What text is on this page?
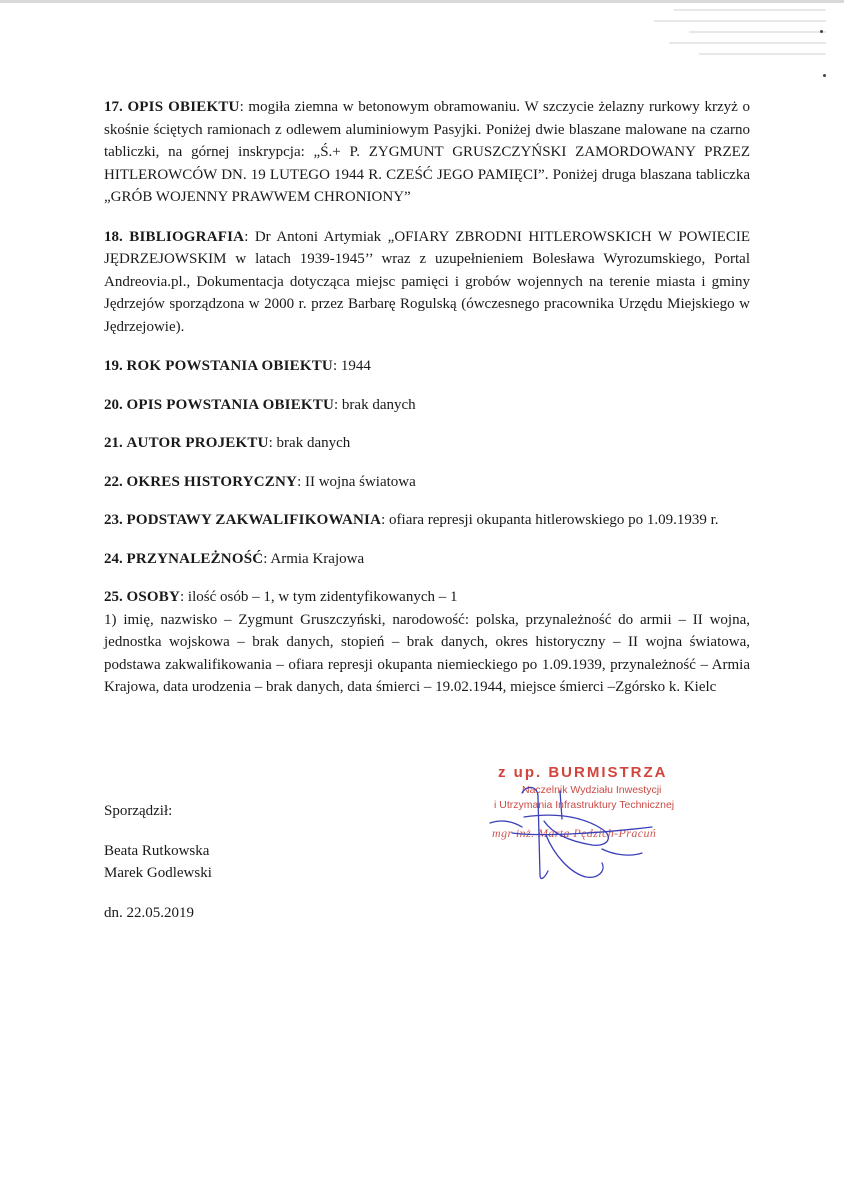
17. OPIS OBIEKTU: mogiła ziemna w betonowym obramowaniu. W szczycie żelazny rurkowy krzyż o skośnie ściętych ramionach z odlewem aluminiowym Pasyjki. Poniżej dwie blaszane malowane na czarno tabliczki, na górnej inskrypcja: „Ś.+ P. ZYGMUNT GRUSZCZYŃSKI ZAMORDOWANY PRZEZ HITLEROWCÓW DN. 19 LUTEGO 1944 R. CZEŚĆ JEGO PAMIĘCI”. Poniżej druga blaszana tabliczka „GRÓB WOJENNY PRAWWEM CHRONIONY”

18. BIBLIOGRAFIA: Dr Antoni Artymiak „OFIARY ZBRODNI HITLEROWSKICH W POWIECIE JĘDRZEJOWSKIM w latach 1939-1945’’ wraz z uzupełnieniem Bolesława Wyrozumskiego, Portal Andreovia.pl., Dokumentacja dotycząca miejsc pamięci i grobów wojennych na terenie miasta i gminy Jędrzejów sporządzona w 2000 r. przez Barbarę Rogulską (ówczesnego pracownika Urzędu Miejskiego w Jędrzejowie).

19. ROK POWSTANIA OBIEKTU: 1944

20. OPIS POWSTANIA OBIEKTU: brak danych

21. AUTOR PROJEKTU: brak danych

22. OKRES HISTORYCZNY: II wojna światowa

23. PODSTAWY ZAKWALIFIKOWANIA: ofiara represji okupanta hitlerowskiego po 1.09.1939 r.

24. PRZYNALEŻNOŚĆ: Armia Krajowa

25. OSOBY: ilość osób – 1, w tym zidentyfikowanych – 1
1) imię, nazwisko – Zygmunt Gruszczyński, narodowość: polska, przynależność do armii – II wojna, jednostka wojskowa – brak danych, stopień – brak danych, okres historyczny – II wojna światowa, podstawa zakwalifikowania – ofiara represji okupanta niemieckiego po 1.09.1939, przynależność – Armia Krajowa, data urodzenia – brak danych, data śmierci – 19.02.1944, miejsce śmierci –Zgórsko k. Kielc
Sporządził:
Beata Rutkowska
Marek Godlewski
dn. 22.05.2019
z up. BURMISTRZA
Naczelnik Wydziału Inwestycji
i Utrzymania Infrastruktury Technicznej
mgr inż. Marta Pędzich-Pracuń
